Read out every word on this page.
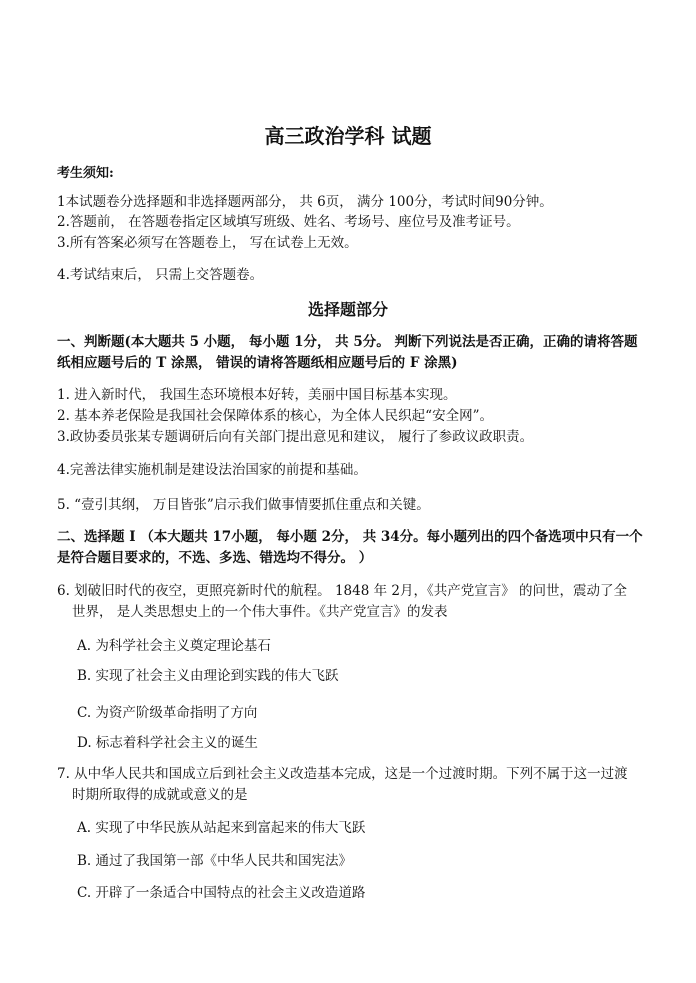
高三政治学科 试题
考生须知:
1本试题卷分选择题和非选择题两部分， 共 6页， 满分 100分，考试时间90分钟。
2.答题前， 在答题卷指定区域填写班级、姓名、考场号、座位号及准考证号。
3.所有答案必须写在答题卷上， 写在试卷上无效。
4.考试结束后， 只需上交答题卷。
选择题部分
一、判断题(本大题共 5 小题， 每小题 1分， 共 5分。 判断下列说法是否正确，正确的请将答题
纸相应题号后的 T 涂黑， 错误的请将答题纸相应题号后的 F 涂黑)
1. 进入新时代， 我国生态环境根本好转，美丽中国目标基本实现。
2. 基本养老保险是我国社会保障体系的核心，为全体人民织起“安全网”。
3.政协委员张某专题调研后向有关部门提出意见和建议， 履行了参政议政职责。
4.完善法律实施机制是建设法治国家的前提和基础。
5. “壹引其纲， 万目皆张”启示我们做事情要抓住重点和关键。
二、选择题 Ⅰ （本大题共 17小题， 每小题 2分， 共 34分。每小题列出的四个备选项中只有一个
是符合题目要求的，不选、多选、错选均不得分。 ）
6. 划破旧时代的夜空，更照亮新时代的航程。 1848 年 2月，《共产党宣言》 的问世，震动了全
世界， 是人类思想史上的一个伟大事件。《共产党宣言》的发表
A. 为科学社会主义奠定理论基石
B. 实现了社会主义由理论到实践的伟大飞跃
C. 为资产阶级革命指明了方向
D. 标志着科学社会主义的诞生
7. 从中华人民共和国成立后到社会主义改造基本完成，这是一个过渡时期。下列不属于这一过渡
时期所取得的成就或意义的是
A. 实现了中华民族从站起来到富起来的伟大飞跃
B. 通过了我国第一部《中华人民共和国宪法》
C. 开辟了一条适合中国特点的社会主义改造道路
